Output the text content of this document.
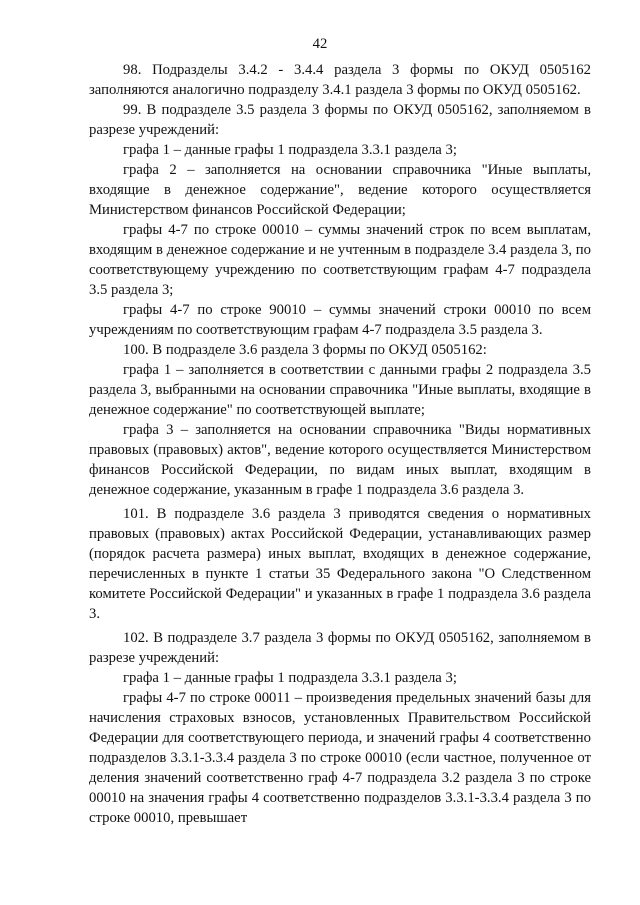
42

98. Подразделы 3.4.2 - 3.4.4 раздела 3 формы по ОКУД 0505162 заполняются аналогично подразделу 3.4.1 раздела 3 формы по ОКУД 0505162.

99. В подразделе 3.5 раздела 3 формы по ОКУД 0505162, заполняемом в разрезе учреждений:

графа 1 – данные графы 1 подраздела 3.3.1 раздела 3;

графа 2 – заполняется на основании справочника "Иные выплаты, входящие в денежное содержание", ведение которого осуществляется Министерством финансов Российской Федерации;

графы 4-7 по строке 00010 – суммы значений строк по всем выплатам, входящим в денежное содержание и не учтенным в подразделе 3.4 раздела 3, по соответствующему учреждению по соответствующим графам 4-7 подраздела 3.5 раздела 3;

графы 4-7 по строке 90010 – суммы значений строки 00010 по всем учреждениям по соответствующим графам 4-7 подраздела 3.5 раздела 3.

100. В подразделе 3.6 раздела 3 формы по ОКУД 0505162:

графа 1 – заполняется в соответствии с данными графы 2 подраздела 3.5 раздела 3, выбранными на основании справочника "Иные выплаты, входящие в денежное содержание" по соответствующей выплате;

графа 3 – заполняется на основании справочника "Виды нормативных правовых (правовых) актов", ведение которого осуществляется Министерством финансов Российской Федерации, по видам иных выплат, входящим в денежное содержание, указанным в графе 1 подраздела 3.6 раздела 3.

101. В подразделе 3.6 раздела 3 приводятся сведения о нормативных правовых (правовых) актах Российской Федерации, устанавливающих размер (порядок расчета размера) иных выплат, входящих в денежное содержание, перечисленных в пункте 1 статьи 35 Федерального закона "О Следственном комитете Российской Федерации" и указанных в графе 1 подраздела 3.6 раздела 3.

102. В подразделе 3.7 раздела 3 формы по ОКУД 0505162, заполняемом в разрезе учреждений:

графа 1 – данные графы 1 подраздела 3.3.1 раздела 3;

графы 4-7 по строке 00011 – произведения предельных значений базы для начисления страховых взносов, установленных Правительством Российской Федерации для соответствующего периода, и значений графы 4 соответственно подразделов 3.3.1-3.3.4 раздела 3 по строке 00010 (если частное, полученное от деления значений соответственно граф 4-7 подраздела 3.2 раздела 3 по строке 00010 на значения графы 4 соответственно подразделов 3.3.1-3.3.4 раздела 3 по строке 00010, превышает
